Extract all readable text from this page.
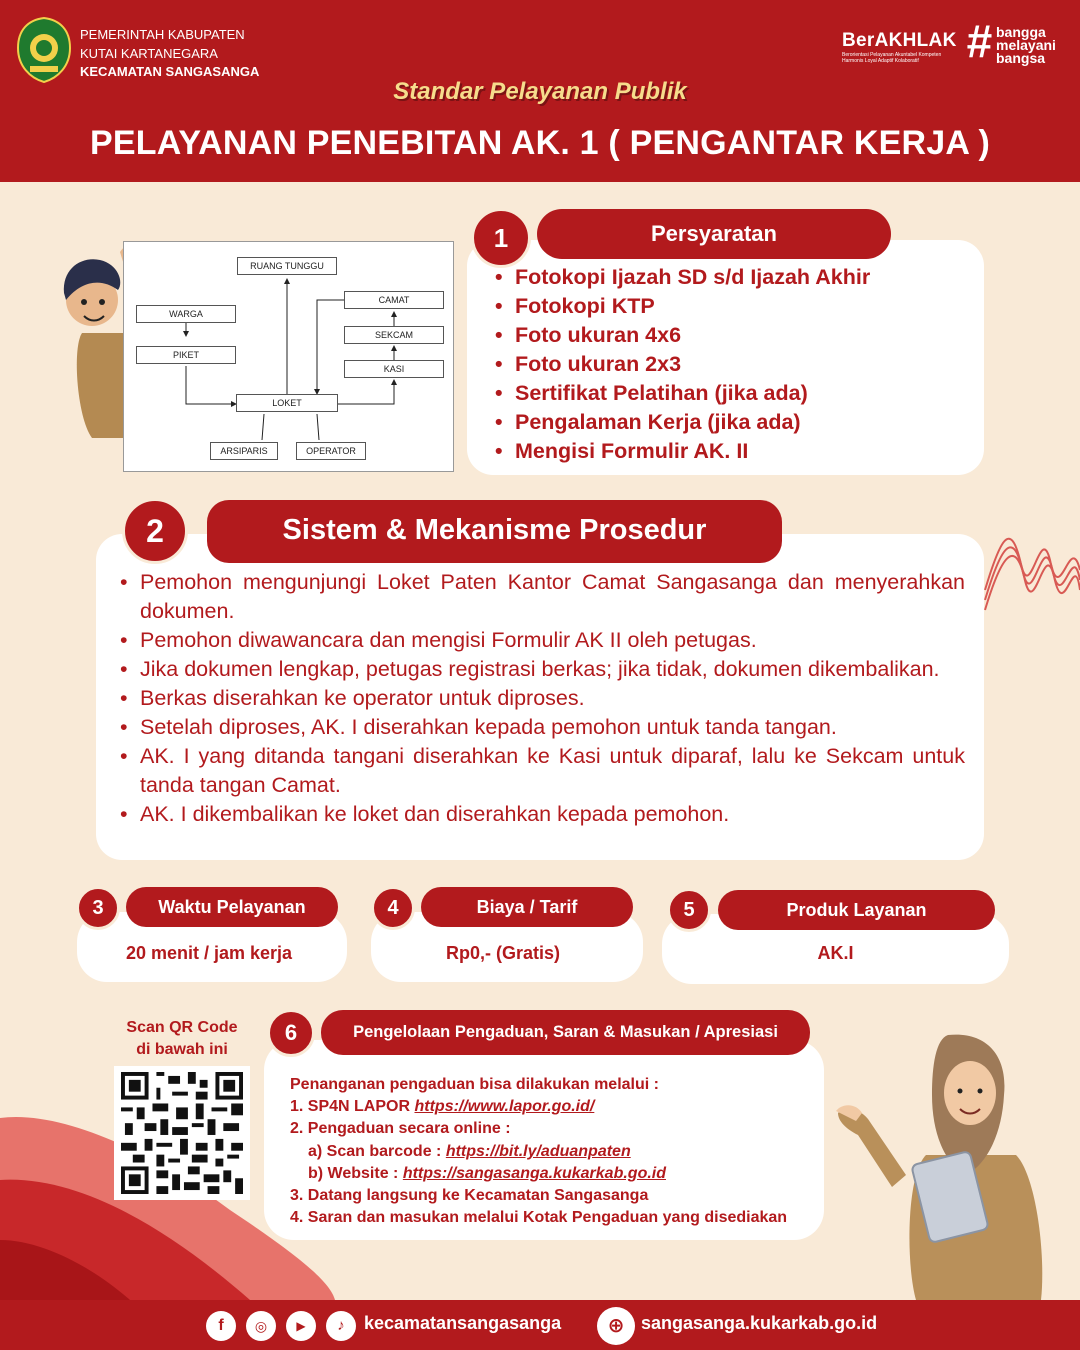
PEMERINTAH KABUPATEN
KUTAI KARTANEGARA
KECAMATAN SANGASANGA
BerAKHLAK
Berorientasi Pelayanan Akuntabel Kompeten Harmonis Loyal Adaptif Kolaboratif	# bangga
melayani
bangsa
Standar Pelayanan Publik
PELAYANAN PENEBITAN AK. 1 ( PENGANTAR KERJA )
RUANG TUNGGU
WARGA
PIKET
CAMAT
SEKCAM
KASI
LOKET
ARSIPARIS	OPERATOR
• Fotokopi Ijazah SD s/d Ijazah Akhir
• Fotokopi KTP
• Foto ukuran 4x6
• Foto ukuran 2x3
• Sertifikat Pelatihan (jika ada)
• Pengalaman Kerja (jika ada)
• Mengisi Formulir AK. II
1	Persyaratan
• Pemohon mengunjungi Loket Paten Kantor Camat Sangasanga dan menyerahkan dokumen.
• Pemohon diwawancara dan mengisi Formulir AK II oleh petugas.
• Jika dokumen lengkap, petugas registrasi berkas; jika tidak, dokumen dikembalikan.
• Berkas diserahkan ke operator untuk diproses.
• Setelah diproses, AK. I diserahkan kepada pemohon untuk tanda tangan.
• AK. I yang ditanda tangani diserahkan ke Kasi untuk diparaf, lalu ke Sekcam untuk tanda tangan Camat.
• AK. I dikembalikan ke loket dan diserahkan kepada pemohon.
2	Sistem & Mekanisme Prosedur
20 menit / jam kerja
3	Waktu Pelayanan
Rp0,- (Gratis)
4	Biaya / Tarif
AK.I
5	Produk Layanan
Scan QR Code
di bawah ini
6	Pengelolaan Pengaduan, Saran & Masukan / Apresiasi
Penanganan pengaduan bisa dilakukan melalui :
1. SP4N LAPOR https://www.lapor.go.id/
2. Pengaduan secara online :
a) Scan barcode : https://bit.ly/aduanpaten
b) Website : https://sangasanga.kukarkab.go.id
3. Datang langsung ke Kecamatan Sangasanga
4. Saran dan masukan melalui Kotak Pengaduan yang disediakan
f	◎	▶	♪	kecamatansangasanga	⊕ sangasanga.kukarkab.go.id
